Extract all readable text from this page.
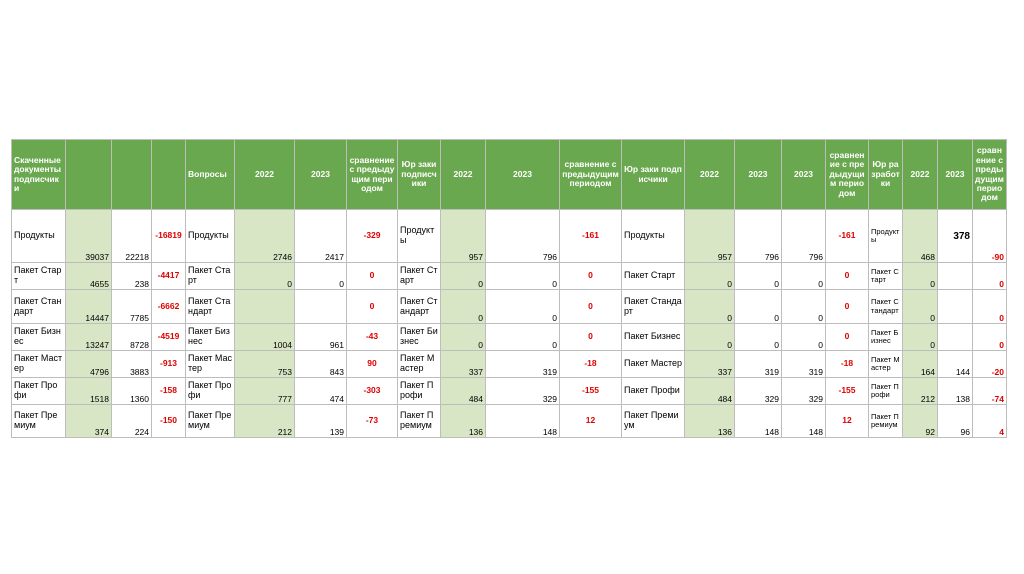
Скаченные документы подписчики				Вопросы	2022	2023	сравнение с предыдущим периодом	Юр заки подписчики	2022	2023	сравнение с предыдущим периодом	Юр заки подписчики	2022	2023	2023	сравнение с предыдущим периодом	Юр разработки	2022	2023	сравнение с предыдущим периодом
Продукты	39037	22218	-16819	Продукты	2746	2417	-329	Продукты	957	796	-161	Продукты	957	796	796	-161	Продукты	468	378	-90
Пакет Старт	4655	238	-4417	Пакет Старт	0	0	0	Пакет Старт	0	0	0	Пакет Старт	0	0	0	0	Пакет Старт	0		0
Пакет Стандарт	14447	7785	-6662	Пакет Стандарт			0	Пакет Стандарт	0	0	0	Пакет Стандарт	0	0	0	0	Пакет Стандарт	0		0
Пакет Бизнес	13247	8728	-4519	Пакет Бизнес	1004	961	-43	Пакет Бизнес	0	0	0	Пакет Бизнес	0	0	0	0	Пакет Бизнес	0		0
Пакет Мастер	4796	3883	-913	Пакет Мастер	753	843	90	Пакет Мастер	337	319	-18	Пакет Мастер	337	319	319	-18	Пакет Мастер	164	144	-20
Пакет Профи	1518	1360	-158	Пакет Профи	777	474	-303	Пакет Профи	484	329	-155	Пакет Профи	484	329	329	-155	Пакет Профи	212	138	-74
Пакет Премиум	374	224	-150	Пакет Премиум	212	139	-73	Пакет Премиум	136	148	12	Пакет Премиум	136	148	148	12	Пакет Премиум	92	96	4
